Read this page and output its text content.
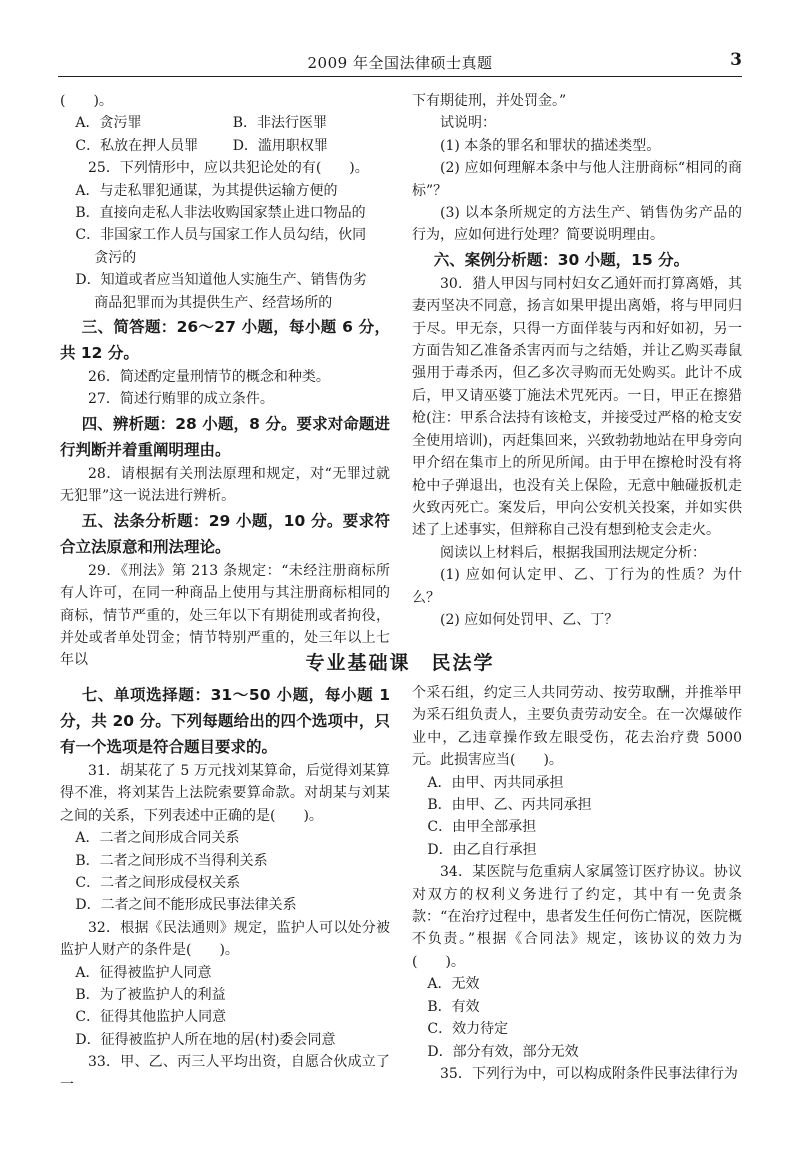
2009 年全国法律硕士真题	3

(　　)。

A．贪污罪	B．非法行医罪
C．私放在押人员罪	D．滥用职权罪

25．下列情形中，应以共犯论处的有(　　)。

A．与走私罪犯通谋，为其提供运输方便的

B．直接向走私人非法收购国家禁止进口物品的

C．非国家工作人员与国家工作人员勾结，伙同

贪污的

D．知道或者应当知道他人实施生产、销售伪劣

商品犯罪而为其提供生产、经营场所的

三、简答题：26～27 小题，每小题 6 分，共 12 分。

26．简述酌定量刑情节的概念和种类。

27．简述行贿罪的成立条件。

四、辨析题：28 小题，8 分。要求对命题进行判断并着重阐明理由。

28．请根据有关刑法原理和规定，对“无罪过就无犯罪”这一说法进行辨析。

五、法条分析题：29 小题，10 分。要求符合立法原意和刑法理论。

29．《刑法》第 213 条规定：“未经注册商标所有人许可，在同一种商品上使用与其注册商标相同的商标，情节严重的，处三年以下有期徒刑或者拘役，并处或者单处罚金；情节特别严重的，处三年以上七年以

下有期徒刑，并处罚金。”

试说明：

(1) 本条的罪名和罪状的描述类型。

(2) 应如何理解本条中与他人注册商标“相同的商标”？

(3) 以本条所规定的方法生产、销售伪劣产品的行为，应如何进行处理？简要说明理由。

六、案例分析题：30 小题，15 分。

30．猎人甲因与同村妇女乙通奸而打算离婚，其妻丙坚决不同意，扬言如果甲提出离婚，将与甲同归于尽。甲无奈，只得一方面佯装与丙和好如初，另一方面告知乙准备杀害丙而与之结婚，并让乙购买毒鼠强用于毒杀丙，但乙多次寻购而无处购买。此计不成后，甲又请巫婆丁施法术咒死丙。一日，甲正在擦猎枪(注：甲系合法持有该枪支，并接受过严格的枪支安全使用培训)，丙赶集回来，兴致勃勃地站在甲身旁向甲介绍在集市上的所见所闻。由于甲在擦枪时没有将枪中子弹退出，也没有关上保险，无意中触碰扳机走火致丙死亡。案发后，甲向公安机关投案，并如实供述了上述事实，但辩称自己没有想到枪支会走火。

阅读以上材料后，根据我国刑法规定分析：

(1) 应如何认定甲、乙、丁行为的性质？为什么？

(2) 应如何处罚甲、乙、丁？

专业基础课　民法学

七、单项选择题：31～50 小题，每小题 1 分，共 20 分。下列每题给出的四个选项中，只有一个选项是符合题目要求的。

31．胡某花了 5 万元找刘某算命，后觉得刘某算得不准，将刘某告上法院索要算命款。对胡某与刘某之间的关系，下列表述中正确的是(　　)。

A．二者之间形成合同关系

B．二者之间形成不当得利关系

C．二者之间形成侵权关系

D．二者之间不能形成民事法律关系

32．根据《民法通则》规定，监护人可以处分被监护人财产的条件是(　　)。

A．征得被监护人同意

B．为了被监护人的利益

C．征得其他监护人同意

D．征得被监护人所在地的居(村)委会同意

33．甲、乙、丙三人平均出资，自愿合伙成立了一

个采石组，约定三人共同劳动、按劳取酬，并推举甲为采石组负责人，主要负责劳动安全。在一次爆破作业中，乙违章操作致左眼受伤，花去治疗费 5000 元。此损害应当(　　)。

A．由甲、丙共同承担

B．由甲、乙、丙共同承担

C．由甲全部承担

D．由乙自行承担

34．某医院与危重病人家属签订医疗协议。协议对双方的权利义务进行了约定，其中有一免责条款：“在治疗过程中，患者发生任何伤亡情况，医院概不负责。”根据《合同法》规定，该协议的效力为(　　)。

A．无效

B．有效

C．效力待定

D．部分有效，部分无效

35．下列行为中，可以构成附条件民事法律行为
